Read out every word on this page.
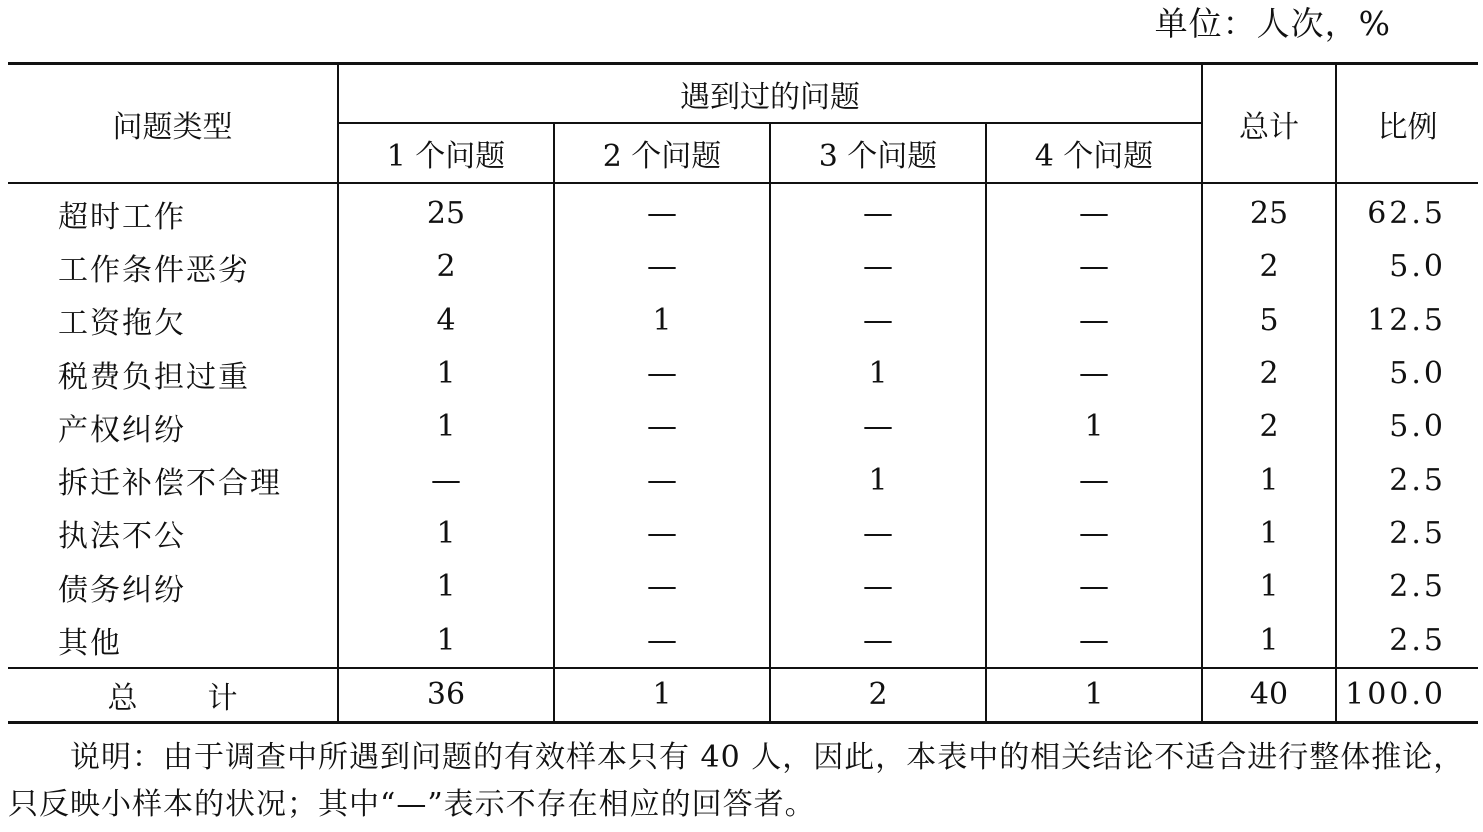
单位：人次，%
问题类型	遇到过的问题				总计	比例
	1 个问题	2 个问题	3 个问题	4 个问题		
超时工作	25	—	—	—	25	62.5
工作条件恶劣	2	—	—	—	2	5.0
工资拖欠	4	1	—	—	5	12.5
税费负担过重	1	—	1	—	2	5.0
产权纠纷	1	—	—	1	2	5.0
拆迁补偿不合理	—	—	1	—	1	2.5
执法不公	1	—	—	—	1	2.5
债务纠纷	1	—	—	—	1	2.5
其他	1	—	—	—	1	2.5
总 计	36	1	2	1	40	100.0
说明：由于调查中所遇到问题的有效样本只有 40 人，因此，本表中的相关结论不适合进行整体推论，只反映小样本的状况；其中“—”表示不存在相应的回答者。
